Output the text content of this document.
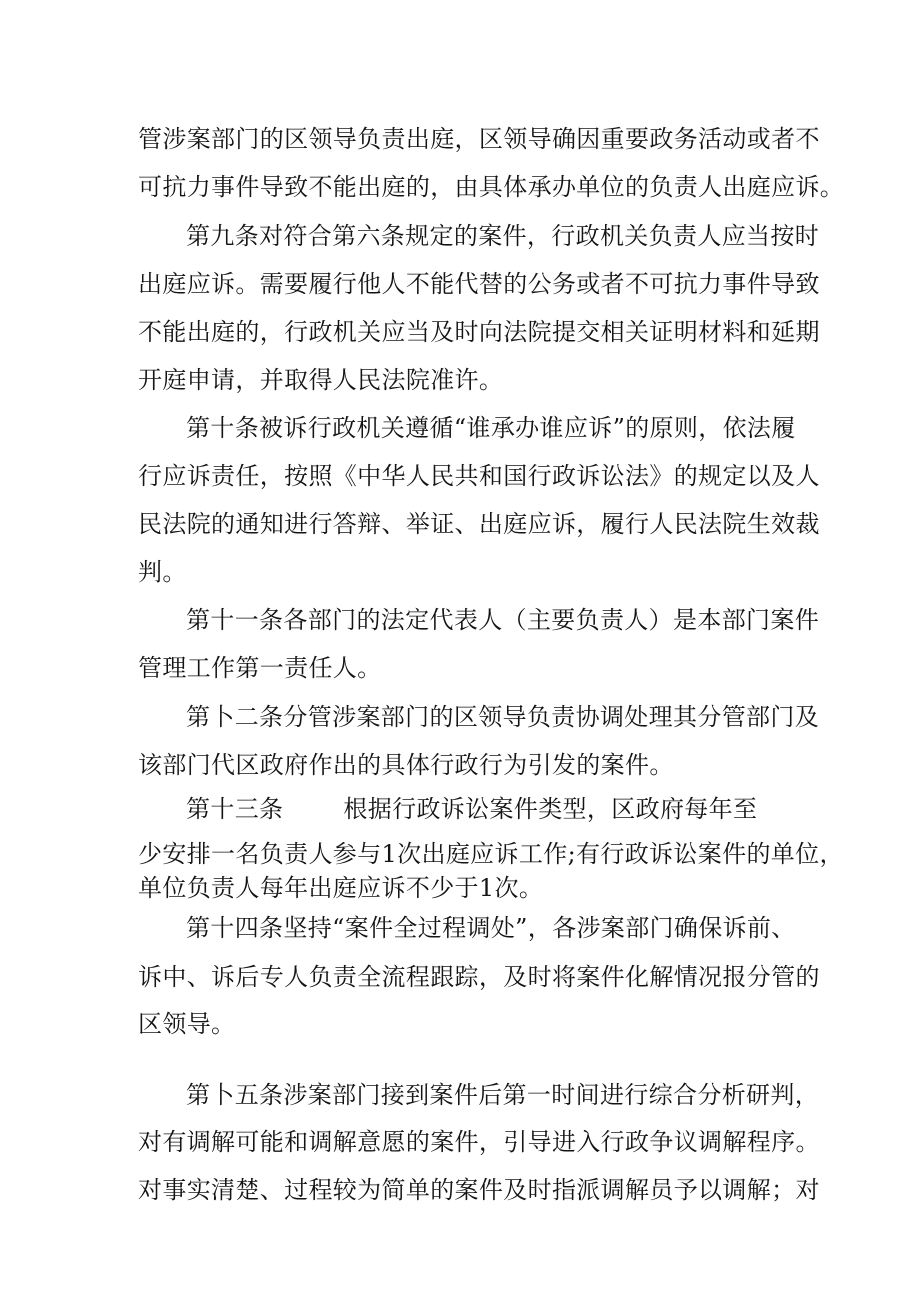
管涉案部门的区领导负责出庭，区领导确因重要政务活动或者不
可抗力事件导致不能出庭的，由具体承办单位的负责人出庭应诉。
第九条对符合第六条规定的案件，行政机关负责人应当按时
出庭应诉。需要履行他人不能代替的公务或者不可抗力事件导致
不能出庭的，行政机关应当及时向法院提交相关证明材料和延期
开庭申请，并取得人民法院准许。
第十条被诉行政机关遵循“谁承办谁应诉”的原则，依法履
行应诉责任，按照《中华人民共和国行政诉讼法》的规定以及人
民法院的通知进行答辩、举证、出庭应诉，履行人民法院生效裁
判。
第十一条各部门的法定代表人（主要负责人）是本部门案件
管理工作第一责任人。
第卜二条分管涉案部门的区领导负责协调处理其分管部门及
该部门代区政府作出的具体行政行为引发的案件。
第十三条	根据行政诉讼案件类型，区政府每年至
少安排一名负责人参与1次出庭应诉工作;有行政诉讼案件的单位，
单位负责人每年出庭应诉不少于1次。
第十四条坚持“案件全过程调处”，各涉案部门确保诉前、
诉中、诉后专人负责全流程跟踪，及时将案件化解情况报分管的
区领导。
第卜五条涉案部门接到案件后第一时间进行综合分析研判，
对有调解可能和调解意愿的案件，引导进入行政争议调解程序。
对事实清楚、过程较为简单的案件及时指派调解员予以调解；对
